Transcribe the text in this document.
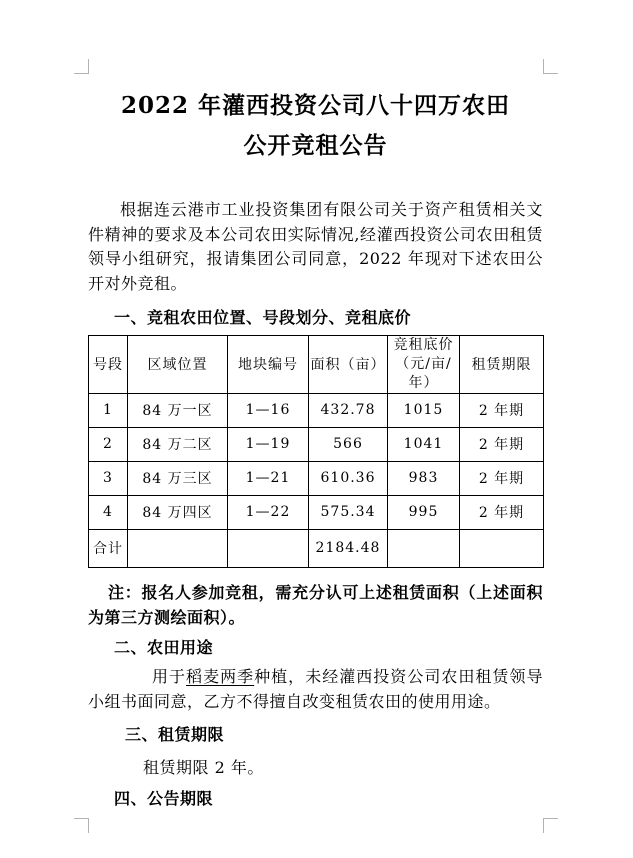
2022 年灌西投资公司八十四万农田
公开竞租公告

根据连云港市工业投资集团有限公司关于资产租赁相关文件精神的要求及本公司农田实际情况,经灌西投资公司农田租赁领导小组研究，报请集团公司同意，2022 年现对下述农田公开对外竞租。

一、竞租农田位置、号段划分、竞租底价
号段	区域位置	地块编号	面积（亩）	竞租底价
（元/亩/年）	租赁期限
1	84 万一区	1—16	432.78	1015	2 年期
2	84 万二区	1—19	566	1041	2 年期
3	84 万三区	1—21	610.36	983	2 年期
4	84 万四区	1—22	575.34	995	2 年期
合计			2184.48		

注：报名人参加竞租，需充分认可上述租赁面积（上述面积为第三方测绘面积）。

二、农田用途

用于稻麦两季种植，未经灌西投资公司农田租赁领导小组书面同意，乙方不得擅自改变租赁农田的使用用途。

三、租赁期限

租赁期限 2 年。

四、公告期限
